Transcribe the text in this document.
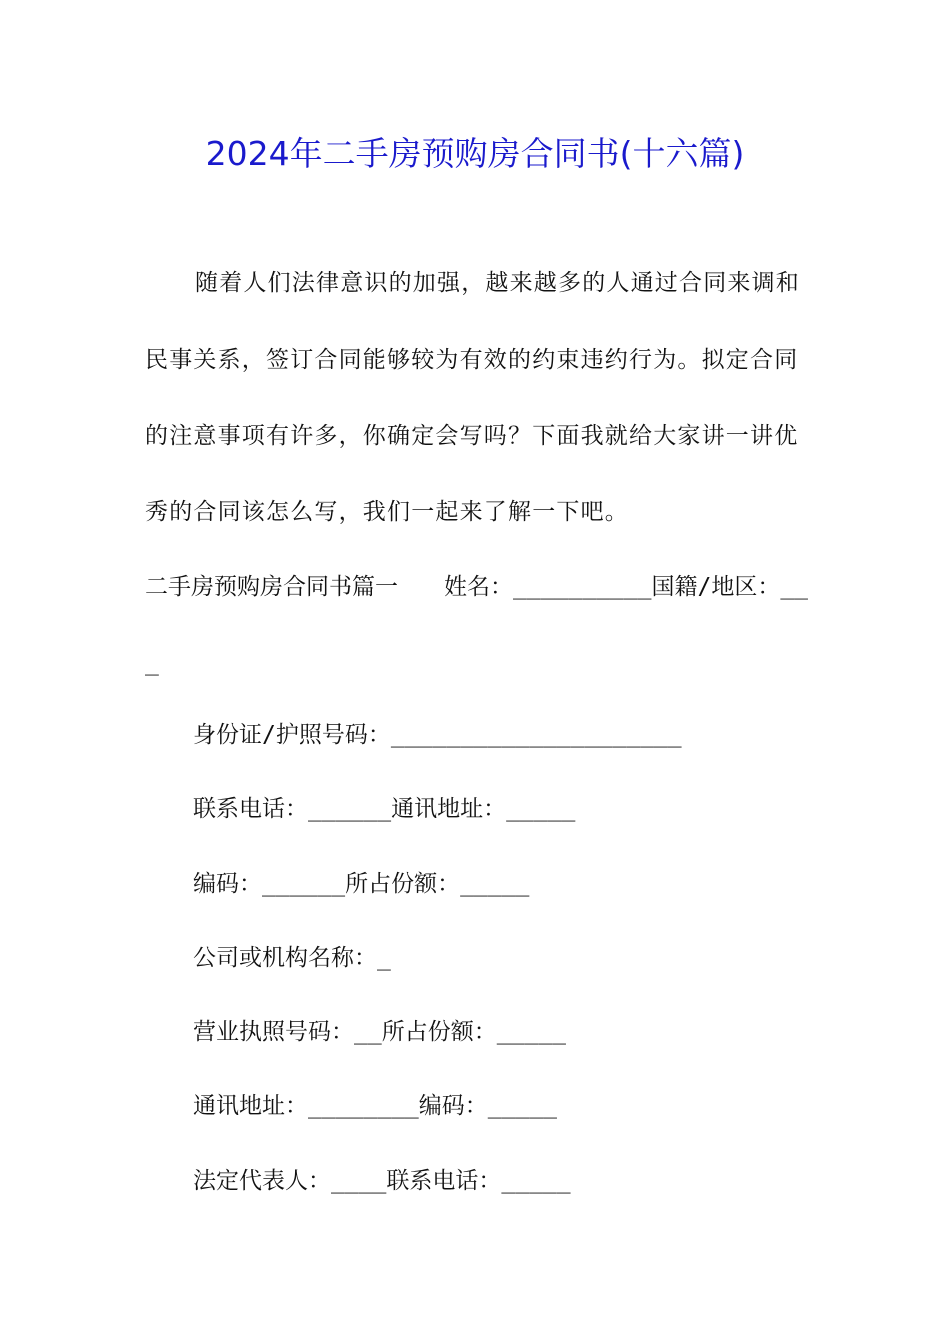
2024年二手房预购房合同书(十六篇)
随着人们法律意识的加强，越来越多的人通过合同来调和
民事关系，签订合同能够较为有效的约束违约行为。拟定合同
的注意事项有许多，你确定会写吗？下面我就给大家讲一讲优
秀的合同该怎么写，我们一起来了解一下吧。
二手房预购房合同书篇一　　姓名：__________国籍/地区：__
_
身份证/护照号码：_____________________
联系电话：______通讯地址：_____
编码：______所占份额：_____
公司或机构名称：_
营业执照号码：__所占份额：_____
通讯地址：________编码：_____
法定代表人：____联系电话：_____
